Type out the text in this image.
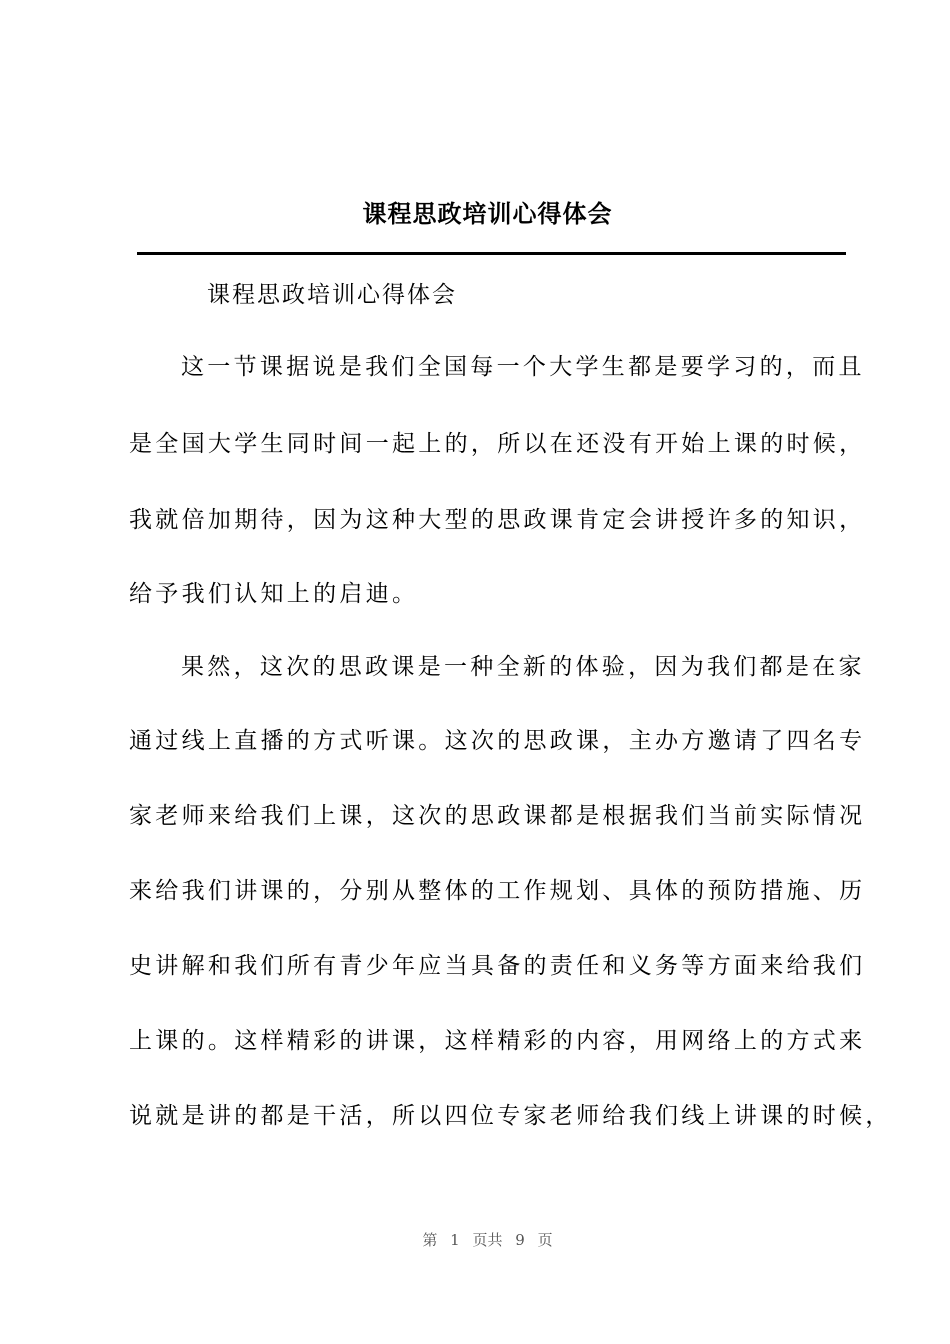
课程思政培训心得体会
课程思政培训心得体会
这一节课据说是我们全国每一个大学生都是要学习的，而且
是全国大学生同时间一起上的，所以在还没有开始上课的时候，
我就倍加期待，因为这种大型的思政课肯定会讲授许多的知识，
给予我们认知上的启迪。
果然，这次的思政课是一种全新的体验，因为我们都是在家
通过线上直播的方式听课。这次的思政课，主办方邀请了四名专
家老师来给我们上课，这次的思政课都是根据我们当前实际情况
来给我们讲课的，分别从整体的工作规划、具体的预防措施、历
史讲解和我们所有青少年应当具备的责任和义务等方面来给我们
上课的。这样精彩的讲课，这样精彩的内容，用网络上的方式来
说就是讲的都是干活，所以四位专家老师给我们线上讲课的时候，
第 1 页共 9 页
